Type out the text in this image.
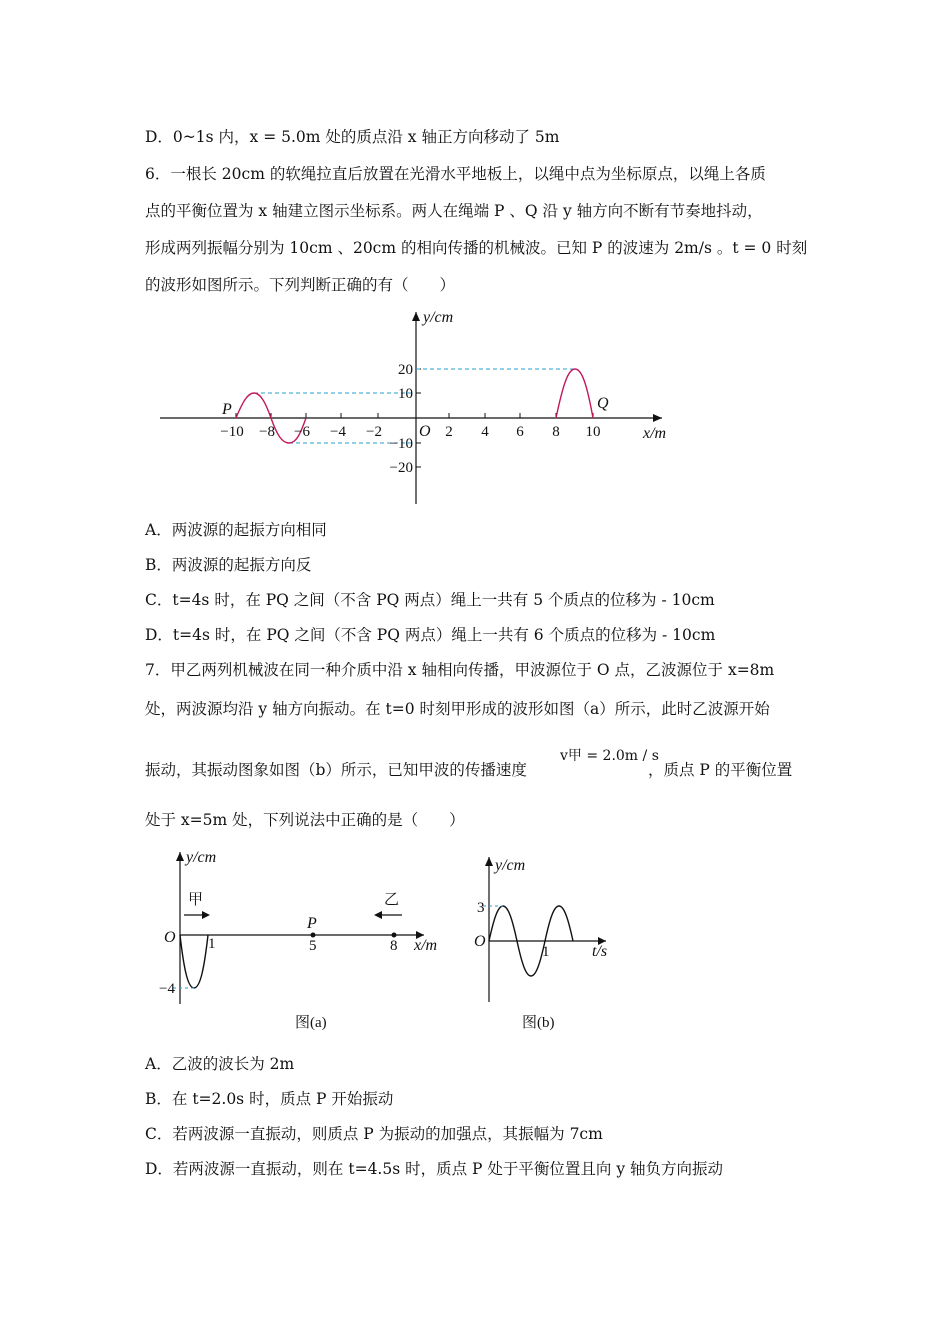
D．0~1s 内，x = 5.0m 处的质点沿 x 轴正方向移动了 5m
6．一根长 20cm 的软绳拉直后放置在光滑水平地板上，以绳中点为坐标原点，以绳上各质
点的平衡位置为 x 轴建立图示坐标系。两人在绳端 P 、Q 沿 y 轴方向不断有节奏地抖动，
形成两列振幅分别为 10cm 、20cm 的相向传播的机械波。已知 P 的波速为 2m/s 。t = 0 时刻
的波形如图所示。下列判断正确的有（　　）
y/cm
x/m
O
P	Q
−10 −8 −6 −4 −2	2 4 6 8 10
20
10
−10
−20
A．两波源的起振方向相同
B．两波源的起振方向反
C．t=4s 时，在 PQ 之间（不含 PQ 两点）绳上一共有 5 个质点的位移为 - 10cm
D．t=4s 时，在 PQ 之间（不含 PQ 两点）绳上一共有 6 个质点的位移为 - 10cm
7．甲乙两列机械波在同一种介质中沿 x 轴相向传播，甲波源位于 O 点，乙波源位于 x=8m
处，两波源均沿 y 轴方向振动。在 t=0 时刻甲形成的波形如图（a）所示，此时乙波源开始
振动，其振动图象如图（b）所示，已知甲波的传播速度
v甲 = 2.0m / s
，质点 P 的平衡位置
处于 x=5m 处，下列说法中正确的是（　　）
y/cm
x/m
O
甲	乙
P
1	5	8
−4
图(a)
y/cm
t/s
O
3
1
图(b)
A．乙波的波长为 2m
B．在 t=2.0s 时，质点 P 开始振动
C．若两波源一直振动，则质点 P 为振动的加强点，其振幅为 7cm
D．若两波源一直振动，则在 t=4.5s 时，质点 P 处于平衡位置且向 y 轴负方向振动
